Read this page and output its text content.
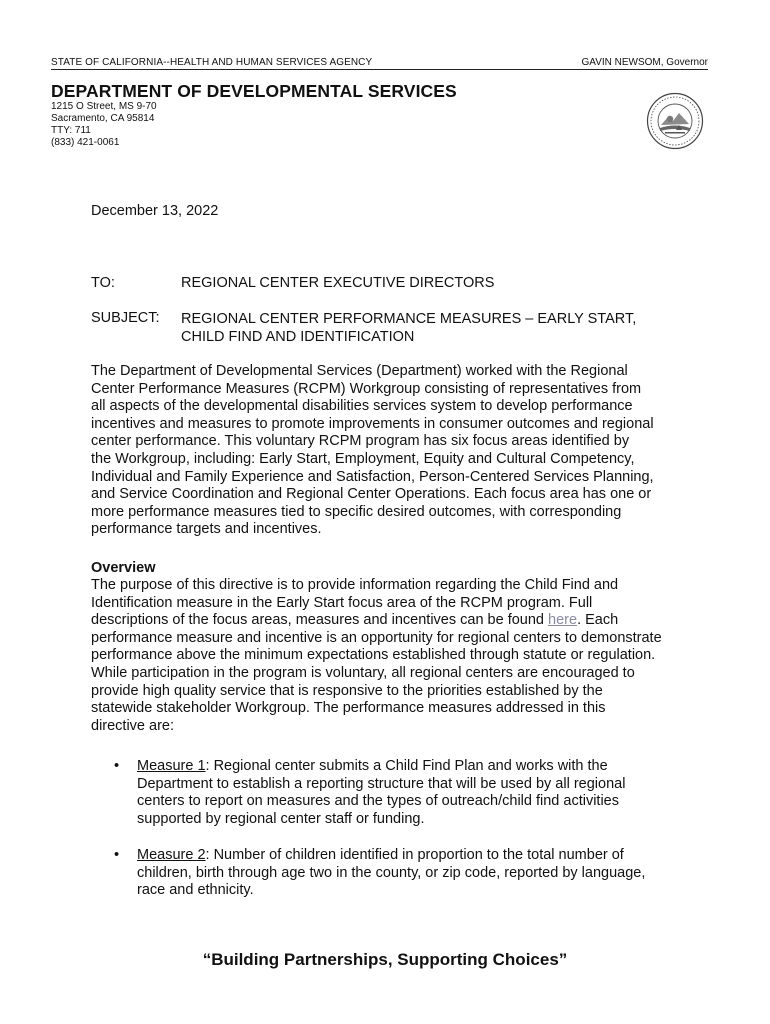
STATE OF CALIFORNIA--HEALTH AND HUMAN SERVICES AGENCY	GAVIN NEWSOM, Governor
DEPARTMENT OF DEVELOPMENTAL SERVICES
1215 O Street, MS 9-70
Sacramento, CA 95814
TTY: 711
(833) 421-0061
December 13, 2022
TO:	REGIONAL CENTER EXECUTIVE DIRECTORS
SUBJECT: REGIONAL CENTER PERFORMANCE MEASURES – EARLY START,
CHILD FIND AND IDENTIFICATION
The Department of Developmental Services (Department) worked with the Regional
Center Performance Measures (RCPM) Workgroup consisting of representatives from
all aspects of the developmental disabilities services system to develop performance
incentives and measures to promote improvements in consumer outcomes and regional
center performance. This voluntary RCPM program has six focus areas identified by
the Workgroup, including: Early Start, Employment, Equity and Cultural Competency,
Individual and Family Experience and Satisfaction, Person-Centered Services Planning,
and Service Coordination and Regional Center Operations. Each focus area has one or
more performance measures tied to specific desired outcomes, with corresponding
performance targets and incentives.
Overview
The purpose of this directive is to provide information regarding the Child Find and
Identification measure in the Early Start focus area of the RCPM program. Full
descriptions of the focus areas, measures and incentives can be found here. Each
performance measure and incentive is an opportunity for regional centers to demonstrate
performance above the minimum expectations established through statute or regulation.
While participation in the program is voluntary, all regional centers are encouraged to
provide high quality service that is responsive to the priorities established by the
statewide stakeholder Workgroup. The performance measures addressed in this
directive are:
• Measure 1: Regional center submits a Child Find Plan and works with the
Department to establish a reporting structure that will be used by all regional
centers to report on measures and the types of outreach/child find activities
supported by regional center staff or funding.
• Measure 2: Number of children identified in proportion to the total number of
children, birth through age two in the county, or zip code, reported by language,
race and ethnicity.
“Building Partnerships, Supporting Choices”
